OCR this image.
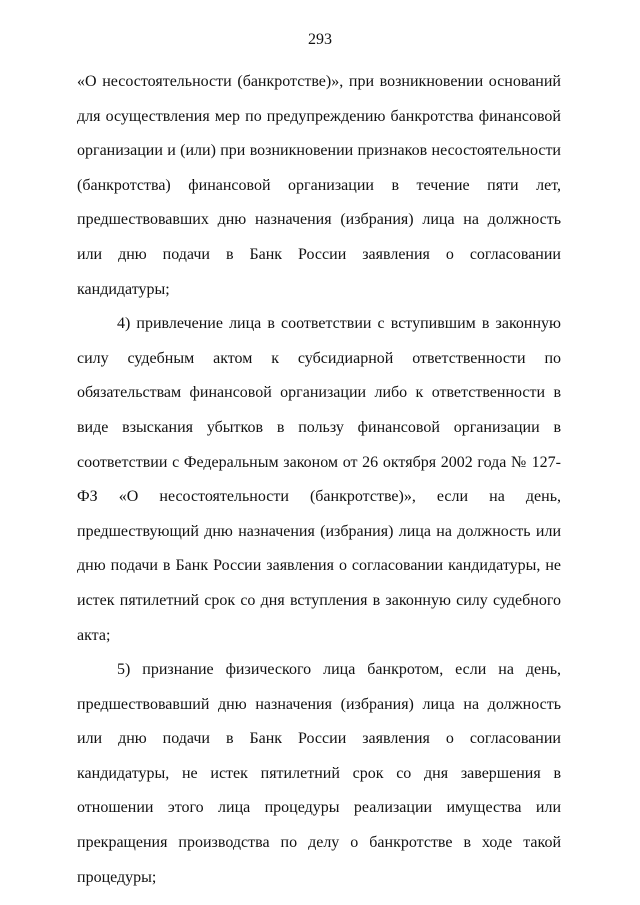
293

«О несостоятельности (банкротстве)», при возникновении оснований для осуществления мер по предупреждению банкротства финансовой организации и (или) при возникновении признаков несостоятельности (банкротства) финансовой организации в течение пяти лет, предшествовавших дню назначения (избрания) лица на должность или дню подачи в Банк России заявления о согласовании кандидатуры;

4) привлечение лица в соответствии с вступившим в законную силу судебным актом к субсидиарной ответственности по обязательствам финансовой организации либо к ответственности в виде взыскания убытков в пользу финансовой организации в соответствии с Федеральным законом от 26 октября 2002 года № 127-ФЗ «О несостоятельности (банкротстве)», если на день, предшествующий дню назначения (избрания) лица на должность или дню подачи в Банк России заявления о согласовании кандидатуры, не истек пятилетний срок со дня вступления в законную силу судебного акта;

5) признание физического лица банкротом, если на день, предшествовавший дню назначения (избрания) лица на должность или дню подачи в Банк России заявления о согласовании кандидатуры, не истек пятилетний срок со дня завершения в отношении этого лица процедуры реализации имущества или прекращения производства по делу о банкротстве в ходе такой процедуры;
